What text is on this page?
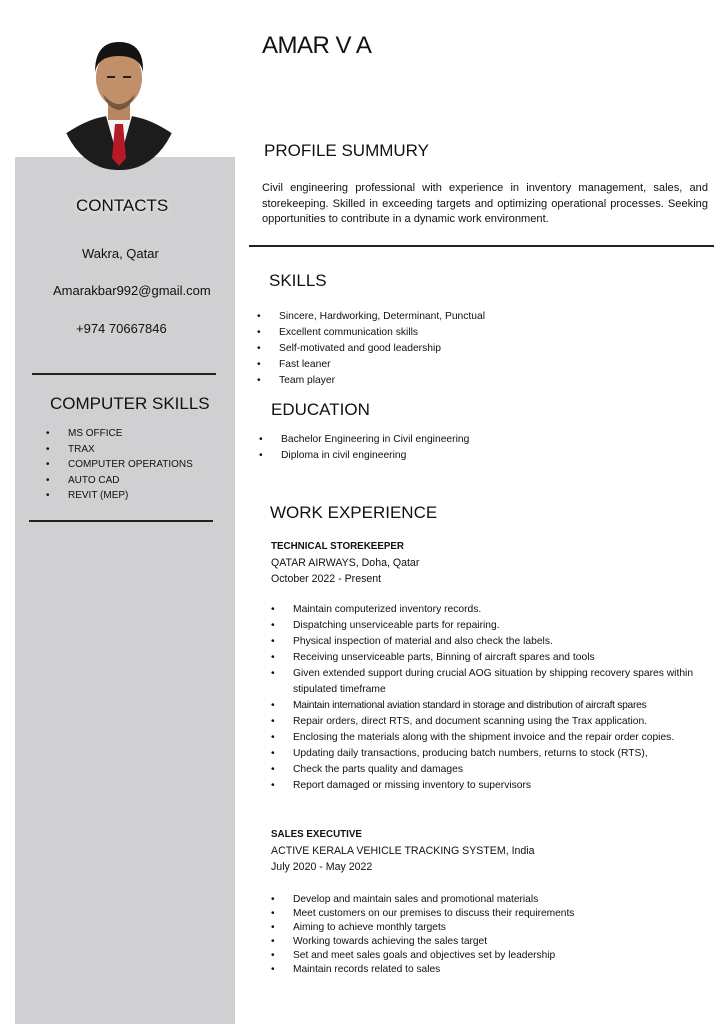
AMAR V A
CONTACTS

Wakra, Qatar

Amarakbar992@gmail.com

+974 70667846

COMPUTER SKILLS
• MS OFFICE
• TRAX
• COMPUTER OPERATIONS
• AUTO CAD
• REVIT (MEP)
PROFILE SUMMURY

Civil engineering professional with experience in inventory management, sales, and storekeeping. Skilled in exceeding targets and optimizing operational processes. Seeking opportunities to contribute in a dynamic work environment.

SKILLS
• Sincere, Hardworking, Determinant, Punctual
• Excellent communication skills
• Self-motivated and good leadership
• Fast leaner
• Team player
EDUCATION
• Bachelor Engineering in Civil engineering
• Diploma in civil engineering
WORK EXPERIENCE
TECHNICAL STOREKEEPER
QATAR AIRWAYS, Doha, Qatar
October 2022 - Present
• Maintain computerized inventory records.
• Dispatching unserviceable parts for repairing.
• Physical inspection of material and also check the labels.
• Receiving unserviceable parts, Binning of aircraft spares and tools
• Given extended support during crucial AOG situation by shipping recovery spares within stipulated timeframe
• Maintain international aviation standard in storage and distribution of aircraft spares
• Repair orders, direct RTS, and document scanning using the Trax application.
• Enclosing the materials along with the shipment invoice and the repair order copies.
• Updating daily transactions, producing batch numbers, returns to stock (RTS),
• Check the parts quality and damages
• Report damaged or missing inventory to supervisors
SALES EXECUTIVE
ACTIVE KERALA VEHICLE TRACKING SYSTEM, India
July 2020 - May 2022
• Develop and maintain sales and promotional materials
• Meet customers on our premises to discuss their requirements
• Aiming to achieve monthly targets
• Working towards achieving the sales target
• Set and meet sales goals and objectives set by leadership
• Maintain records related to sales
